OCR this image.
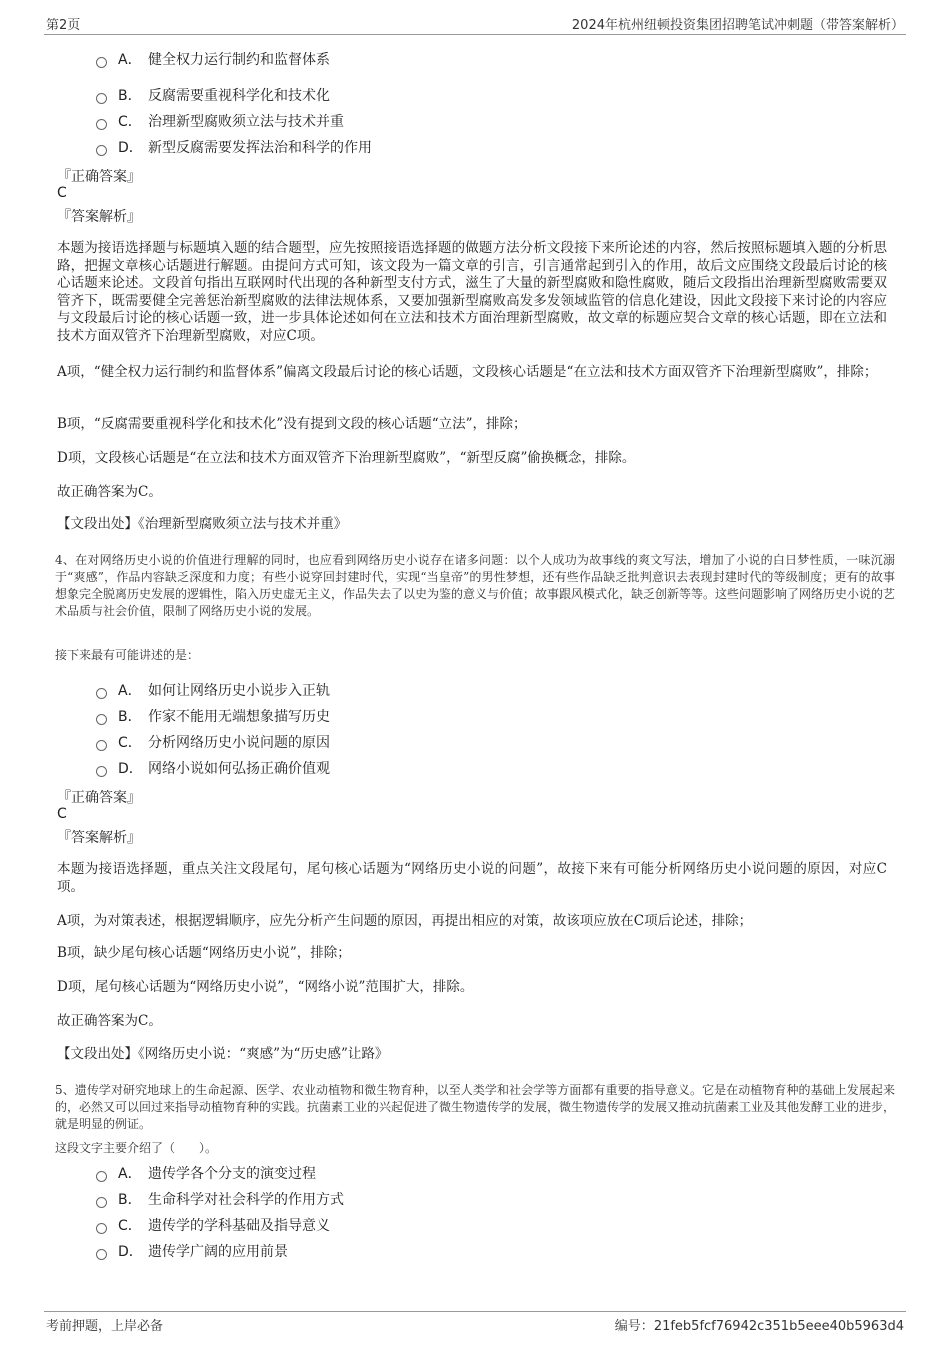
第2页	2024年杭州纽顿投资集团招聘笔试冲刺题（带答案解析）
A． 健全权力运行制约和监督体系
B． 反腐需要重视科学化和技术化
C． 治理新型腐败须立法与技术并重
D． 新型反腐需要发挥法治和科学的作用
『正确答案』
C
『答案解析』

本题为接语选择题与标题填入题的结合题型，应先按照接语选择题的做题方法分析文段接下来所论述的内容，然后按照标题填入题的分析思路，把握文章核心话题进行解题。由提问方式可知，该文段为一篇文章的引言，引言通常起到引入的作用，故后文应围绕文段最后讨论的核心话题来论述。文段首句指出互联网时代出现的各种新型支付方式，滋生了大量的新型腐败和隐性腐败，随后文段指出治理新型腐败需要双管齐下，既需要健全完善惩治新型腐败的法律法规体系，又要加强新型腐败高发多发领域监管的信息化建设，因此文段接下来讨论的内容应与文段最后讨论的核心话题一致，进一步具体论述如何在立法和技术方面治理新型腐败，故文章的标题应契合文章的核心话题，即在立法和技术方面双管齐下治理新型腐败，对应C项。

A项，“健全权力运行制约和监督体系”偏离文段最后讨论的核心话题，文段核心话题是“在立法和技术方面双管齐下治理新型腐败”，排除；

B项，“反腐需要重视科学化和技术化”没有提到文段的核心话题“立法”，排除；

D项，文段核心话题是“在立法和技术方面双管齐下治理新型腐败”，“新型反腐”偷换概念，排除。

故正确答案为C。

【文段出处】《治理新型腐败须立法与技术并重》

4、在对网络历史小说的价值进行理解的同时，也应看到网络历史小说存在诸多问题：以个人成功为故事线的爽文写法，增加了小说的白日梦性质，一味沉溺于“爽感”，作品内容缺乏深度和力度；有些小说穿回封建时代，实现“当皇帝”的男性梦想，还有些作品缺乏批判意识去表现封建时代的等级制度；更有的故事想象完全脱离历史发展的逻辑性，陷入历史虚无主义，作品失去了以史为鉴的意义与价值；故事跟风模式化，缺乏创新等等。这些问题影响了网络历史小说的艺术品质与社会价值，限制了网络历史小说的发展。

接下来最有可能讲述的是：

A． 如何让网络历史小说步入正轨
B． 作家不能用无端想象描写历史
C． 分析网络历史小说问题的原因
D． 网络小说如何弘扬正确价值观
『正确答案』
C
『答案解析』

本题为接语选择题，重点关注文段尾句，尾句核心话题为“网络历史小说的问题”，故接下来有可能分析网络历史小说问题的原因，对应C项。

A项，为对策表述，根据逻辑顺序，应先分析产生问题的原因，再提出相应的对策，故该项应放在C项后论述，排除；

B项，缺少尾句核心话题“网络历史小说”，排除；

D项，尾句核心话题为“网络历史小说”，“网络小说”范围扩大，排除。

故正确答案为C。

【文段出处】《网络历史小说：“爽感”为“历史感”让路》

5、遗传学对研究地球上的生命起源、医学、农业动植物和微生物育种，以至人类学和社会学等方面都有重要的指导意义。它是在动植物育种的基础上发展起来的，必然又可以回过来指导动植物育种的实践。抗菌素工业的兴起促进了微生物遗传学的发展，微生物遗传学的发展又推动抗菌素工业及其他发酵工业的进步，就是明显的例证。

这段文字主要介绍了（　　）。

A． 遗传学各个分支的演变过程
B． 生命科学对社会科学的作用方式
C． 遗传学的学科基础及指导意义
D． 遗传学广阔的应用前景
考前押题，上岸必备	编号：21feb5fcf76942c351b5eee40b5963d4
